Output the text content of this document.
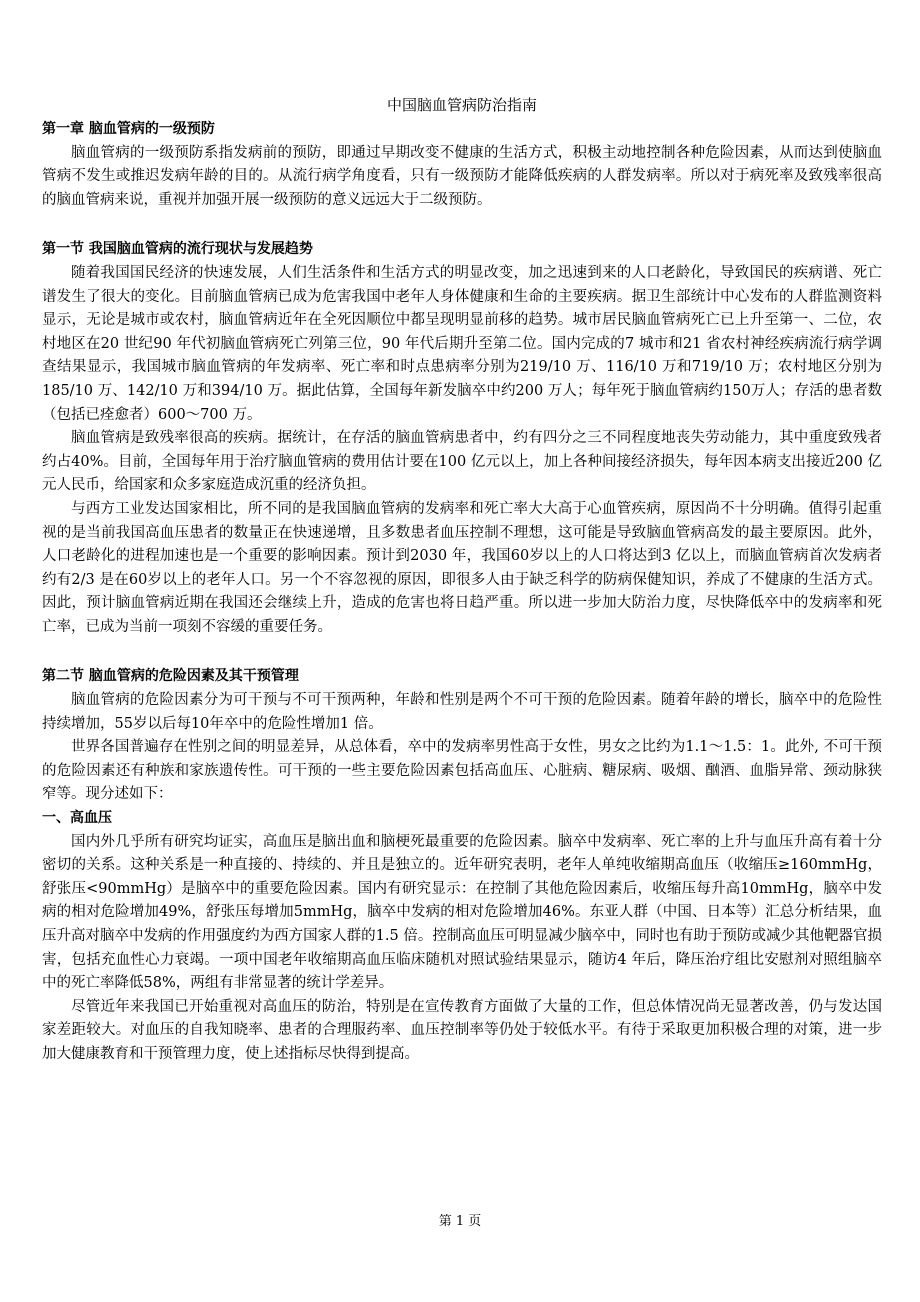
中国脑血管病防治指南

第一章 脑血管病的一级预防

脑血管病的一级预防系指发病前的预防，即通过早期改变不健康的生活方式，积极主动地控制各种危险因素，从而达到使脑血管病不发生或推迟发病年龄的目的。从流行病学角度看，只有一级预防才能降低疾病的人群发病率。所以对于病死率及致残率很高的脑血管病来说，重视并加强开展一级预防的意义远远大于二级预防。

第一节 我国脑血管病的流行现状与发展趋势

随着我国国民经济的快速发展，人们生活条件和生活方式的明显改变，加之迅速到来的人口老龄化，导致国民的疾病谱、死亡谱发生了很大的变化。目前脑血管病已成为危害我国中老年人身体健康和生命的主要疾病。据卫生部统计中心发布的人群监测资料显示，无论是城市或农村，脑血管病近年在全死因顺位中都呈现明显前移的趋势。城市居民脑血管病死亡已上升至第一、二位，农村地区在20 世纪90 年代初脑血管病死亡列第三位，90 年代后期升至第二位。国内完成的7 城市和21 省农村神经疾病流行病学调查结果显示，我国城市脑血管病的年发病率、死亡率和时点患病率分别为219/10 万、116/10 万和719/10 万；农村地区分别为185/10 万、142/10 万和394/10 万。据此估算，全国每年新发脑卒中约200 万人；每年死于脑血管病约150万人；存活的患者数（包括已痊愈者）600～700 万。

脑血管病是致残率很高的疾病。据统计，在存活的脑血管病患者中，约有四分之三不同程度地丧失劳动能力，其中重度致残者约占40%。目前，全国每年用于治疗脑血管病的费用估计要在100 亿元以上，加上各种间接经济损失，每年因本病支出接近200 亿元人民币，给国家和众多家庭造成沉重的经济负担。

与西方工业发达国家相比，所不同的是我国脑血管病的发病率和死亡率大大高于心血管疾病，原因尚不十分明确。值得引起重视的是当前我国高血压患者的数量正在快速递增，且多数患者血压控制不理想，这可能是导致脑血管病高发的最主要原因。此外，人口老龄化的进程加速也是一个重要的影响因素。预计到2030 年，我国60岁以上的人口将达到3 亿以上，而脑血管病首次发病者约有2/3 是在60岁以上的老年人口。另一个不容忽视的原因，即很多人由于缺乏科学的防病保健知识，养成了不健康的生活方式。因此，预计脑血管病近期在我国还会继续上升，造成的危害也将日趋严重。所以进一步加大防治力度，尽快降低卒中的发病率和死亡率，已成为当前一项刻不容缓的重要任务。

第二节 脑血管病的危险因素及其干预管理

脑血管病的危险因素分为可干预与不可干预两种，年龄和性别是两个不可干预的危险因素。随着年龄的增长，脑卒中的危险性持续增加，55岁以后每10年卒中的危险性增加1 倍。

世界各国普遍存在性别之间的明显差异，从总体看，卒中的发病率男性高于女性，男女之比约为1.1～1.5：1。此外, 不可干预的危险因素还有种族和家族遗传性。可干预的一些主要危险因素包括高血压、心脏病、糖尿病、吸烟、酗酒、血脂异常、颈动脉狭窄等。现分述如下：

一、高血压

国内外几乎所有研究均证实，高血压是脑出血和脑梗死最重要的危险因素。脑卒中发病率、死亡率的上升与血压升高有着十分密切的关系。这种关系是一种直接的、持续的、并且是独立的。近年研究表明，老年人单纯收缩期高血压（收缩压≥160mmHg，舒张压<90mmHg）是脑卒中的重要危险因素。国内有研究显示：在控制了其他危险因素后，收缩压每升高10mmHg，脑卒中发病的相对危险增加49%，舒张压每增加5mmHg，脑卒中发病的相对危险增加46%。东亚人群（中国、日本等）汇总分析结果，血压升高对脑卒中发病的作用强度约为西方国家人群的1.5 倍。控制高血压可明显减少脑卒中，同时也有助于预防或减少其他靶器官损害，包括充血性心力衰竭。一项中国老年收缩期高血压临床随机对照试验结果显示，随访4 年后，降压治疗组比安慰剂对照组脑卒中的死亡率降低58%，两组有非常显著的统计学差异。

尽管近年来我国已开始重视对高血压的防治，特别是在宣传教育方面做了大量的工作，但总体情况尚无显著改善，仍与发达国家差距较大。对血压的自我知晓率、患者的合理服药率、血压控制率等仍处于较低水平。有待于采取更加积极合理的对策，进一步加大健康教育和干预管理力度，使上述指标尽快得到提高。

第 1 页
